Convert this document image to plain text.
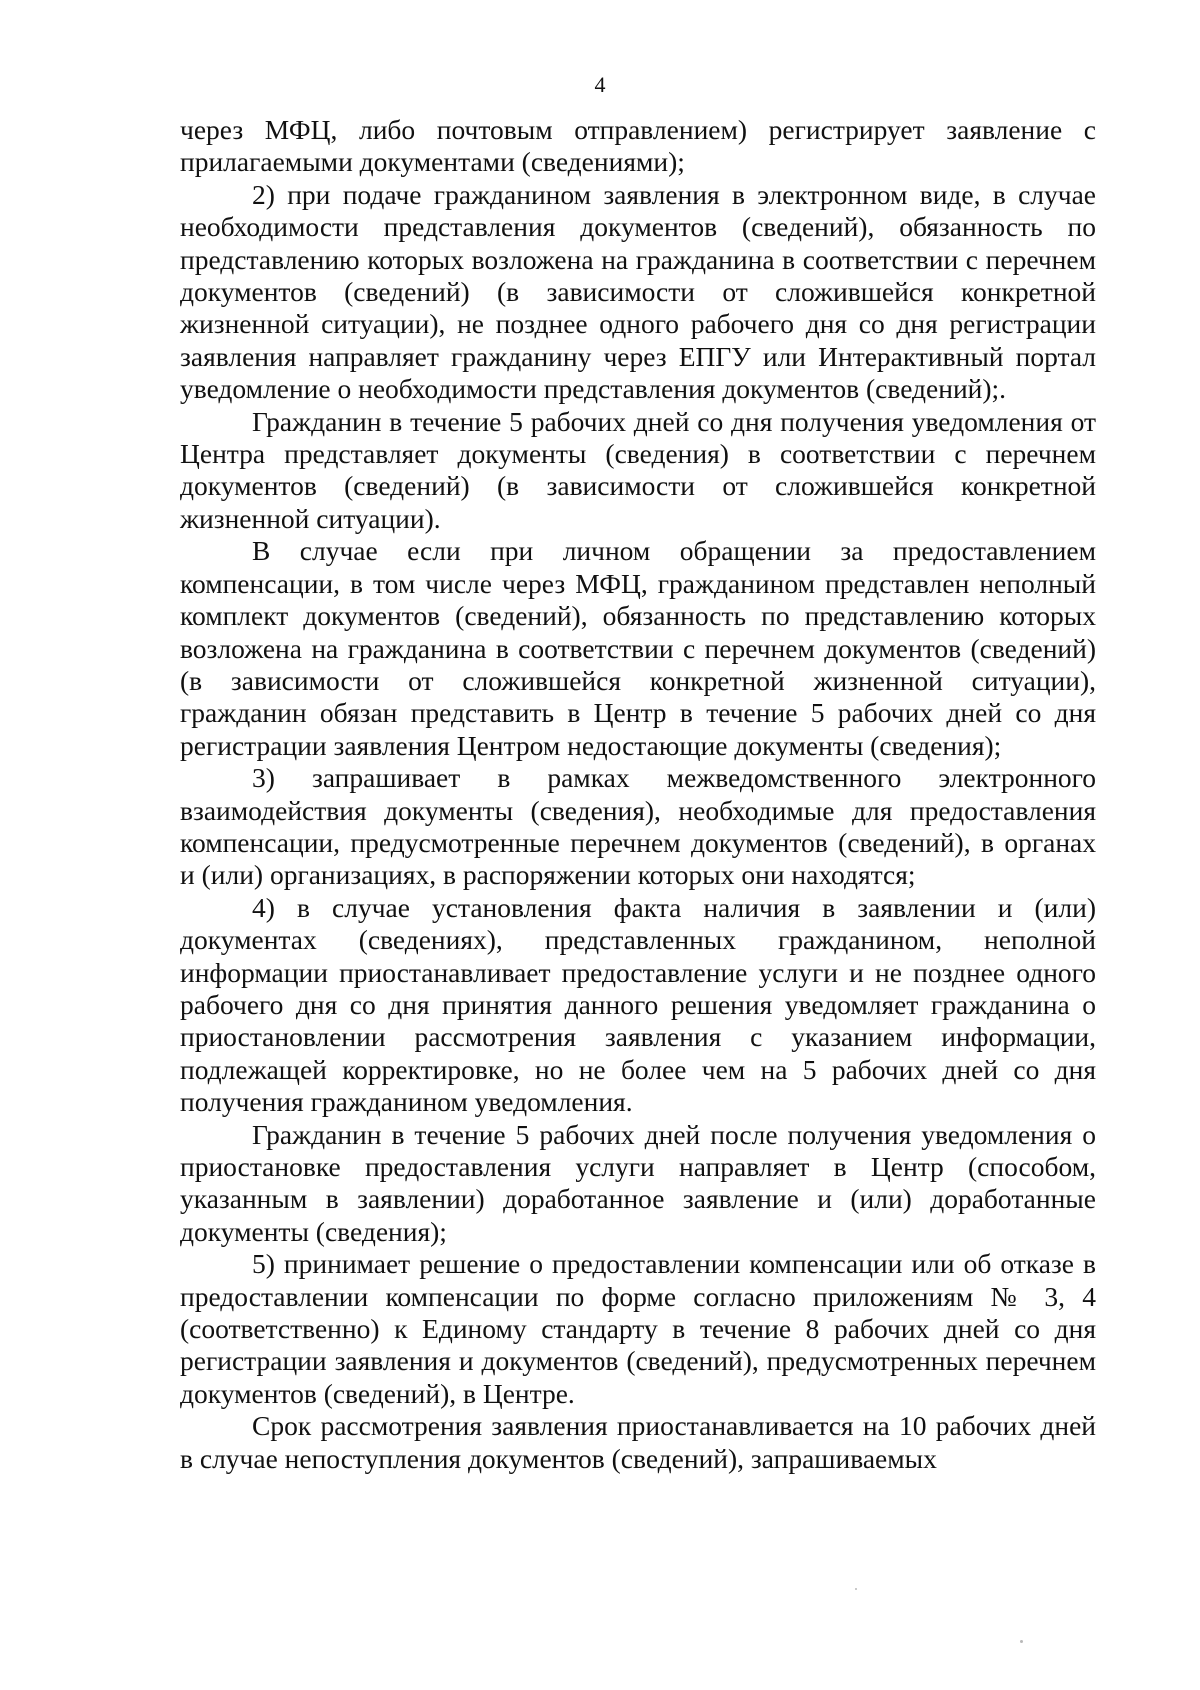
4

через МФЦ, либо почтовым отправлением) регистрирует заявление с прилагаемыми документами (сведениями);

2) при подаче гражданином заявления в электронном виде, в случае необходимости представления документов (сведений), обязанность по представлению которых возложена на гражданина в соответствии с перечнем документов (сведений) (в зависимости от сложившейся конкретной жизненной ситуации), не позднее одного рабочего дня со дня регистрации заявления направляет гражданину через ЕПГУ или Интерактивный портал уведомление о необходимости представления документов (сведений);.

Гражданин в течение 5 рабочих дней со дня получения уведомления от Центра представляет документы (сведения) в соответствии с перечнем документов (сведений) (в зависимости от сложившейся конкретной жизненной ситуации).

В случае если при личном обращении за предоставлением компенсации, в том числе через МФЦ, гражданином представлен неполный комплект документов (сведений), обязанность по представлению которых возложена на гражданина в соответствии с перечнем документов (сведений) (в зависимости от сложившейся конкретной жизненной ситуации), гражданин обязан представить в Центр в течение 5 рабочих дней со дня регистрации заявления Центром недостающие документы (сведения);

3) запрашивает в рамках межведомственного электронного взаимодействия документы (сведения), необходимые для предоставления компенсации, предусмотренные перечнем документов (сведений), в органах и (или) организациях, в распоряжении которых они находятся;

4) в случае установления факта наличия в заявлении и (или) документах (сведениях), представленных гражданином, неполной информации приостанавливает предоставление услуги и не позднее одного рабочего дня со дня принятия данного решения уведомляет гражданина о приостановлении рассмотрения заявления с указанием информации, подлежащей корректировке, но не более чем на 5 рабочих дней со дня получения гражданином уведомления.

Гражданин в течение 5 рабочих дней после получения уведомления о приостановке предоставления услуги направляет в Центр (способом, указанным в заявлении) доработанное заявление и (или) доработанные документы (сведения);

5) принимает решение о предоставлении компенсации или об отказе в предоставлении компенсации по форме согласно приложениям № 3, 4 (соответственно) к Единому стандарту в течение 8 рабочих дней со дня регистрации заявления и документов (сведений), предусмотренных перечнем документов (сведений), в Центре.

Срок рассмотрения заявления приостанавливается на 10 рабочих дней в случае непоступления документов (сведений), запрашиваемых
